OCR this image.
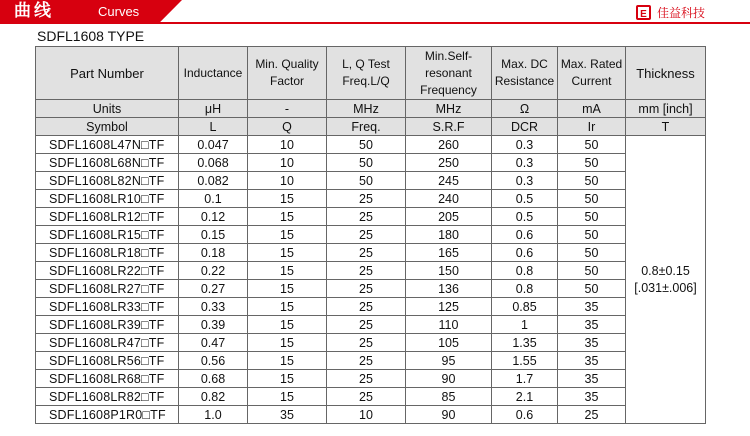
曲线	Curves	E 佳益科技
SDFL1608 TYPE
Part Number	Inductance	Min. Quality Factor	L, Q Test Freq.L/Q	Min.Self-resonant Frequency	Max. DC Resistance	Max. Rated Current	Thickness
Units	μH	-	MHz	MHz	Ω	mA	mm [inch]
Symbol	L	Q	Freq.	S.R.F	DCR	Ir	T
SDFL1608L47N□TF	0.047	10	50	260	0.3	50	0.8±0.15
[.031±.006]

SDFL1608L68N□TF	0.068	10	50	250	0.3	50	
SDFL1608L82N□TF	0.082	10	50	245	0.3	50	
SDFL1608LR10□TF	0.1	15	25	240	0.5	50	
SDFL1608LR12□TF	0.12	15	25	205	0.5	50	
SDFL1608LR15□TF	0.15	15	25	180	0.6	50	
SDFL1608LR18□TF	0.18	15	25	165	0.6	50	
SDFL1608LR22□TF	0.22	15	25	150	0.8	50	
SDFL1608LR27□TF	0.27	15	25	136	0.8	50	
SDFL1608LR33□TF	0.33	15	25	125	0.85	35	
SDFL1608LR39□TF	0.39	15	25	110	1	35	
SDFL1608LR47□TF	0.47	15	25	105	1.35	35	
SDFL1608LR56□TF	0.56	15	25	95	1.55	35	
SDFL1608LR68□TF	0.68	15	25	90	1.7	35	
SDFL1608LR82□TF	0.82	15	25	85	2.1	35	
SDFL1608P1R0□TF	1.0	35	10	90	0.6	25	
